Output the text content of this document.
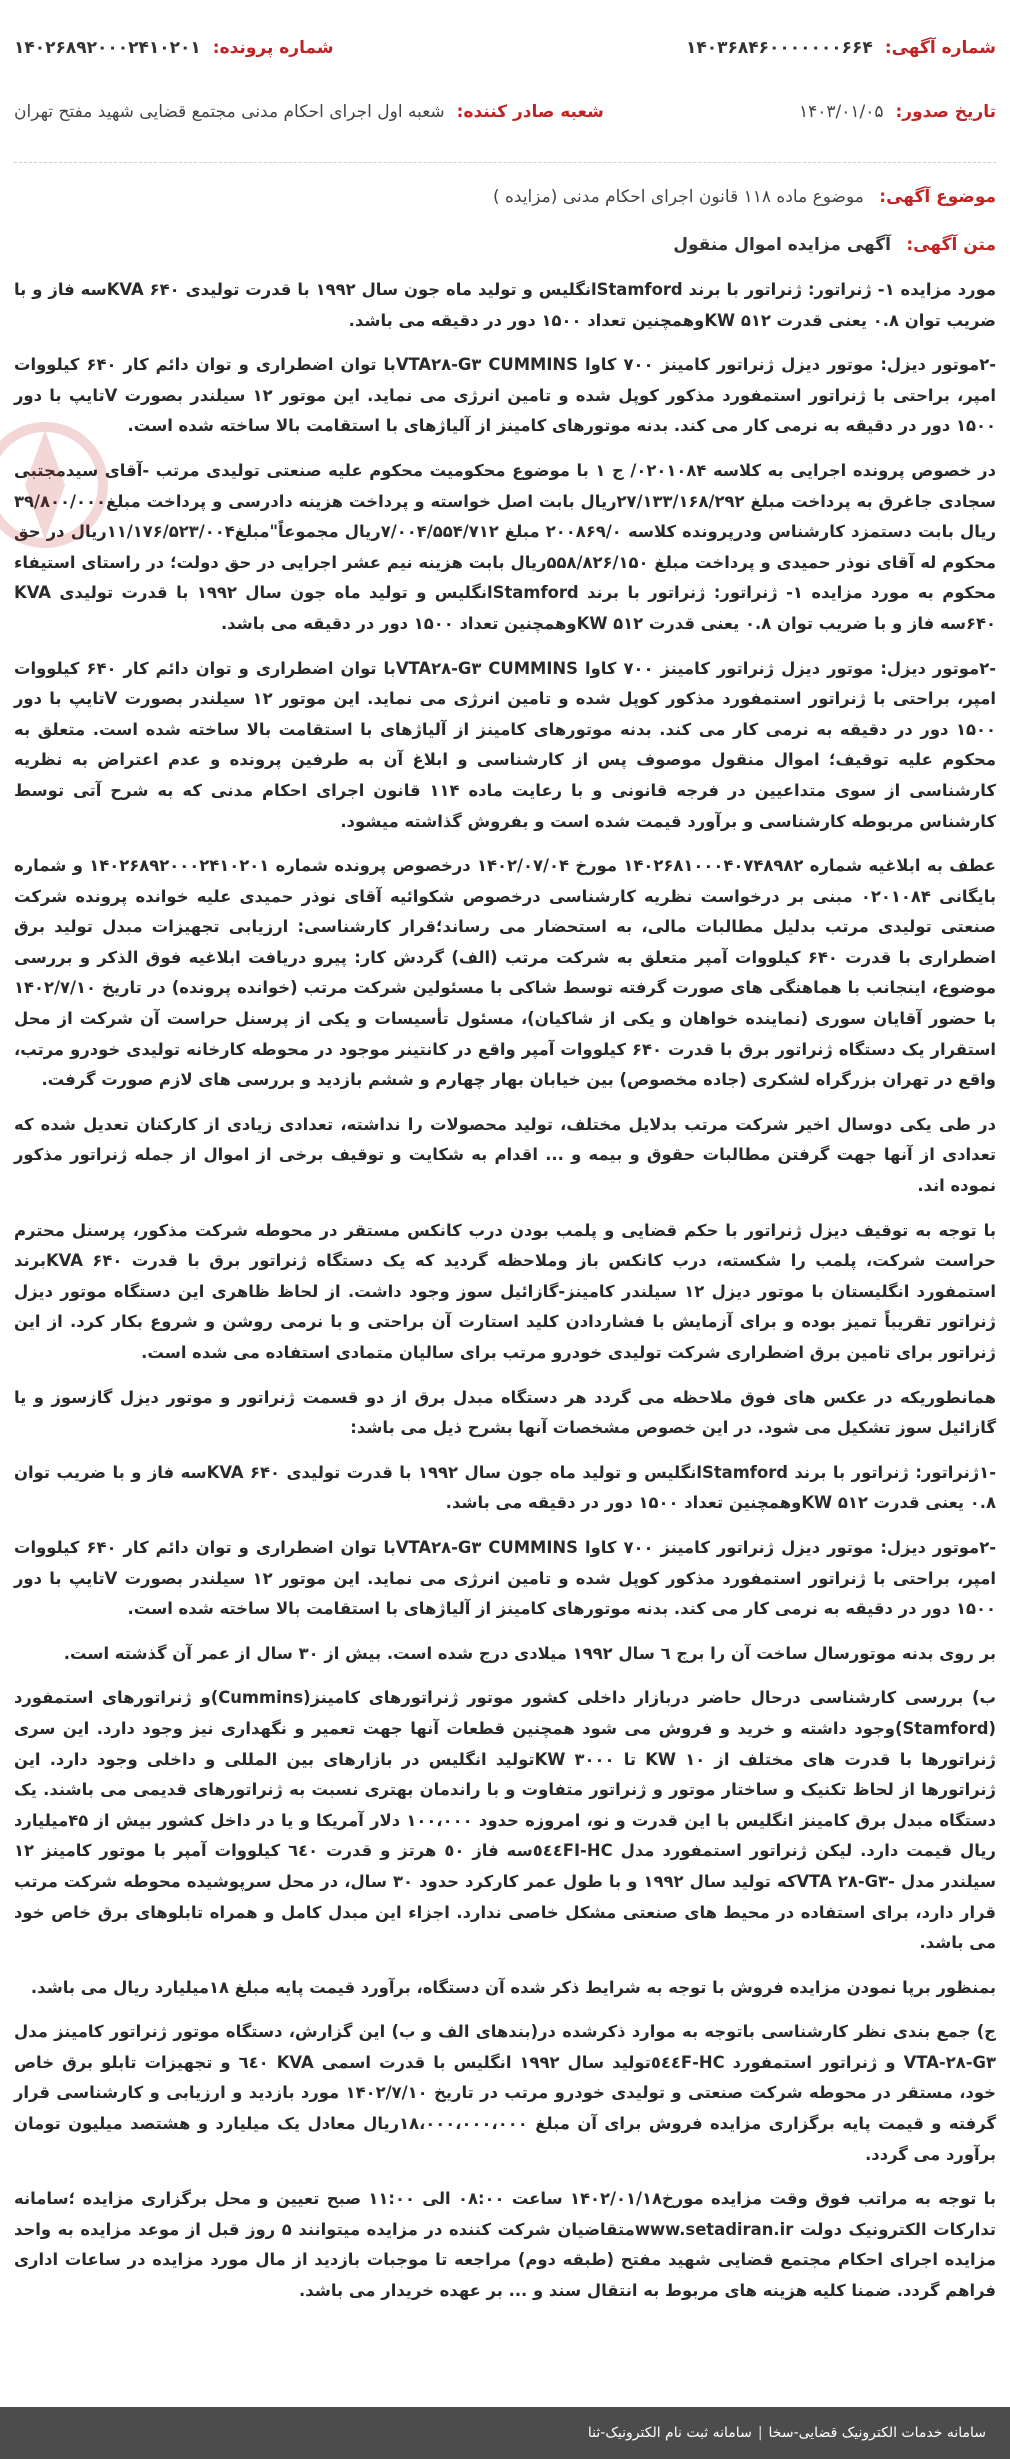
شماره آگهی:
۱۴۰۳۶۸۴۶۰۰۰۰۰۰۰۶۶۴
شماره پرونده:
۱۴۰۲۶۸۹۲۰۰۰۲۴۱۰۲۰۱
تاریخ صدور:
۱۴۰۳/۰۱/۰۵
شعبه صادر کننده:
شعبه اول اجرای احکام مدنی مجتمع قضایی شهید مفتح تهران
موضوع آگهی: موضوع ماده ۱۱۸ قانون اجرای احکام مدنی (مزایده )
متن آگهی: آگهی مزایده اموال منقول

مورد مزایده ۱- ژنراتور: ژنراتور با برند Stamfordانگلیس و تولید ماه جون سال ۱۹۹۲ با قدرت تولیدی KVA ۶۴۰سه فاز و با ضریب توان ۰.۸ یعنی قدرت KW ۵۱۲وهمچنین تعداد ۱۵۰۰ دور در دقیقه می باشد.

-۲موتور دیزل: موتور دیزل ژنراتور کامینز ۷۰۰ کاوا VTA۲۸-G۳ CUMMINSبا توان اضطراری و توان دائم کار ۶۴۰ کیلووات امپر، براحتی با ژنراتور استمفورد مذکور کوپل شده و تامین انرژی می نماید. این موتور ۱۲ سیلندر بصورت Vتایپ با دور ۱۵۰۰ دور در دقیقه به نرمی کار می کند. بدنه موتورهای کامینز از آلیاژهای با استقامت بالا ساخته شده است.

در خصوص پرونده اجرایی به کلاسه ۰۲۰۱۰۸۴/ ج ۱ با موضوع محکومیت محکوم علیه صنعتی تولیدی مرتب -آقای سیدمجتبی سجادی جاغرق به پرداخت مبلغ ۲۷/۱۳۳/۱۶۸/۲۹۲ریال بابت اصل خواسته و پرداخت هزینه دادرسی و پرداخت مبلغ۳۹/۸۰۰/۰۰۰ ریال بابت دستمزد کارشناس ودرپرونده کلاسه ۲۰۰۸۶۹/۰ مبلغ ۷/۰۰۴/۵۵۴/۷۱۲ریال مجموعاً"مبلغ۱۱/۱۷۶/۵۲۳/۰۰۴ریال در حق محکوم له آقای نوذر حمیدی و پرداخت مبلغ ۵۵۸/۸۲۶/۱۵۰ریال بابت هزینه نیم عشر اجرایی در حق دولت؛ در راستای استیفاء محکوم به مورد مزایده ۱- ژنراتور: ژنراتور با برند Stamfordانگلیس و تولید ماه جون سال ۱۹۹۲ با قدرت تولیدی KVA ۶۴۰سه فاز و با ضریب توان ۰.۸ یعنی قدرت KW ۵۱۲وهمچنین تعداد ۱۵۰۰ دور در دقیقه می باشد.

-۲موتور دیزل: موتور دیزل ژنراتور کامینز ۷۰۰ کاوا VTA۲۸-G۳ CUMMINSبا توان اضطراری و توان دائم کار ۶۴۰ کیلووات امپر، براحتی با ژنراتور استمفورد مذکور کوپل شده و تامین انرژی می نماید. این موتور ۱۲ سیلندر بصورت Vتایپ با دور ۱۵۰۰ دور در دقیقه به نرمی کار می کند. بدنه موتورهای کامینز از آلیاژهای با استقامت بالا ساخته شده است. متعلق به محکوم علیه توقیف؛ اموال منقول موصوف پس از کارشناسی و ابلاغ آن به طرفین پرونده و عدم اعتراض به نظریه کارشناسی از سوی متداعیین در فرجه قانونی و با رعایت ماده ۱۱۴ قانون اجرای احکام مدنی که به شرح آتی توسط کارشناس مربوطه کارشناسی و برآورد قیمت شده است و بفروش گذاشته میشود.

عطف به ابلاغیه شماره ۱۴۰۲۶۸۱۰۰۰۴۰۷۴۸۹۸۲ مورخ ۱۴۰۲/۰۷/۰۴ درخصوص پرونده شماره ۱۴۰۲۶۸۹۲۰۰۰۲۴۱۰۲۰۱ و شماره بایگانی ۰۲۰۱۰۸۴ مبنی بر درخواست نظریه کارشناسی درخصوص شکوائیه آقای نوذر حمیدی علیه خوانده پرونده شرکت صنعتی تولیدی مرتب بدلیل مطالبات مالی، به استحضار می رساند؛قرار کارشناسی: ارزیابی تجهیزات مبدل تولید برق اضطراری با قدرت ۶۴۰ کیلووات آمپر متعلق به شرکت مرتب (الف) گردش کار: پیرو دریافت ابلاغیه فوق الذکر و بررسی موضوع، اینجانب با هماهنگی های صورت گرفته توسط شاکی با مسئولین شرکت مرتب (خوانده پرونده) در تاریخ ۱۴۰۲/۷/۱۰ با حضور آقایان سوری (نماینده خواهان و یکی از شاکیان)، مسئول تأسیسات و یکی از پرسنل حراست آن شرکت از محل استقرار یک دستگاه ژنراتور برق با قدرت ۶۴۰ کیلووات آمپر واقع در کانتینر موجود در محوطه کارخانه تولیدی خودرو مرتب، واقع در تهران بزرگراه لشکری (جاده مخصوص) بین خیابان بهار چهارم و ششم بازدید و بررسی های لازم صورت گرفت.

در طی یکی دوسال اخیر شرکت مرتب بدلایل مختلف، تولید محصولات را نداشته، تعدادی زیادی از کارکنان تعدیل شده که تعدادی از آنها جهت گرفتن مطالبات حقوق و بیمه و ... اقدام به شکایت و توقیف برخی از اموال از جمله ژنراتور مذکور نموده اند.

با توجه به توقیف دیزل ژنراتور با حکم قضایی و پلمب بودن درب کانکس مستقر در محوطه شرکت مذکور، پرسنل محترم حراست شرکت، پلمب را شکسته، درب کانکس باز وملاحظه گردید که یک دستگاه ژنراتور برق با قدرت KVA ۶۴۰برند استمفورد انگلیستان با موتور دیزل ۱۲ سیلندر کامینز-گازائیل سوز وجود داشت. از لحاظ ظاهری این دستگاه موتور دیزل ژنراتور تقریباً تمیز بوده و برای آزمایش با فشاردادن کلید استارت آن براحتی و با نرمی روشن و شروع بکار کرد. از این ژنراتور برای تامین برق اضطراری شرکت تولیدی خودرو مرتب برای سالیان متمادی استفاده می شده است.

همانطوریکه در عکس های فوق ملاحظه می گردد هر دستگاه مبدل برق از دو قسمت ژنراتور و موتور دیزل گازسوز و یا گازائیل سوز تشکیل می شود. در این خصوص مشخصات آنها بشرح ذیل می باشد:

-۱ژنراتور: ژنراتور با برند Stamfordانگلیس و تولید ماه جون سال ۱۹۹۲ با قدرت تولیدی KVA ۶۴۰سه فاز و با ضریب توان ۰.۸ یعنی قدرت KW ۵۱۲وهمچنین تعداد ۱۵۰۰ دور در دقیقه می باشد.

-۲موتور دیزل: موتور دیزل ژنراتور کامینز ۷۰۰ کاوا VTA۲۸-G۳ CUMMINSبا توان اضطراری و توان دائم کار ۶۴۰ کیلووات امپر، براحتی با ژنراتور استمفورد مذکور کوپل شده و تامین انرژی می نماید. این موتور ۱۲ سیلندر بصورت Vتایپ با دور ۱۵۰۰ دور در دقیقه به نرمی کار می کند. بدنه موتورهای کامینز از آلیاژهای با استقامت بالا ساخته شده است.

بر روی بدنه موتورسال ساخت آن را برج ٦ سال ۱۹۹۲ میلادی درج شده است. بیش از ۳۰ سال از عمر آن گذشته است.

ب) بررسی کارشناسی درحال حاضر دربازار داخلی کشور موتور ژنراتورهای کامینز(Cummins)و ژنراتورهای استمفورد (Stamford)وجود داشته و خرید و فروش می شود همچنین قطعات آنها جهت تعمیر و نگهداری نیز وجود دارد. این سری ژنراتورها با قدرت های مختلف از KW ۱۰ تا KW ۳۰۰۰تولید انگلیس در بازارهای بین المللی و داخلی وجود دارد. این ژنراتورها از لحاظ تکنیک و ساختار موتور و ژنراتور متفاوت و با راندمان بهتری نسبت به ژنراتورهای قدیمی می باشند. یک دستگاه مبدل برق کامینز انگلیس با این قدرت و نو، امروزه حدود ۱۰۰،۰۰۰ دلار آمریکا و یا در داخل کشور بیش از ۴۵میلیارد ریال قیمت دارد. لیکن ژنراتور استمفورد مدل HC-٥٤٤FIسه فاز ٥٠ هرتز و قدرت ٦٤٠ کیلووات آمپر با موتور کامینز ۱۲ سیلندر مدل -VTA ۲۸-G۳که تولید سال ۱۹۹۲ و با طول عمر کارکرد حدود ۳۰ سال، در محل سرپوشیده محوطه شرکت مرتب قرار دارد، برای استفاده در محیط های صنعتی مشکل خاصی ندارد. اجزاء این مبدل کامل و همراه تابلوهای برق خاص خود می باشد.

بمنظور برپا نمودن مزایده فروش با توجه به شرایط ذکر شده آن دستگاه، برآورد قیمت پایه مبلغ ۱۸میلیارد ریال می باشد.

ج) جمع بندی نظر کارشناسی باتوجه به موارد ذکرشده در(بندهای الف و ب) این گزارش، دستگاه موتور ژنراتور کامینز مدل VTA-۲۸-G۳ و ژنراتور استمفورد HC-٥٤٤Fتولید سال ۱۹۹۲ انگلیس با قدرت اسمی KVA ٦٤٠ و تجهیزات تابلو برق خاص خود، مستقر در محوطه شرکت صنعتی و تولیدی خودرو مرتب در تاریخ ۱۴۰۲/۷/۱۰ مورد بازدید و ارزیابی و کارشناسی قرار گرفته و قیمت پایه برگزاری مزایده فروش برای آن مبلغ ۱۸،۰۰۰،۰۰۰،۰۰۰ریال معادل یک میلیارد و هشتصد میلیون تومان برآورد می گردد.

با توجه به مراتب فوق وقت مزایده مورخ۱۴۰۲/۰۱/۱۸ ساعت ۰۸:۰۰ الی ۱۱:۰۰ صبح تعیین و محل برگزاری مزایده ؛سامانه تدارکات الکترونیک دولت www.setadiran.irمتقاضیان شرکت کننده در مزایده میتوانند ۵ روز قبل از موعد مزایده به واحد مزایده اجرای احکام مجتمع قضایی شهید مفتح (طبقه دوم) مراجعه تا موجبات بازدید از مال مورد مزایده در ساعات اداری فراهم گردد. ضمنا کلیه هزینه های مربوط به انتقال سند و ... بر عهده خریدار می باشد.

سامانه خدمات الکترونیک قضایی-سخا
|
سامانه ثبت نام الکترونیک-ثنا
